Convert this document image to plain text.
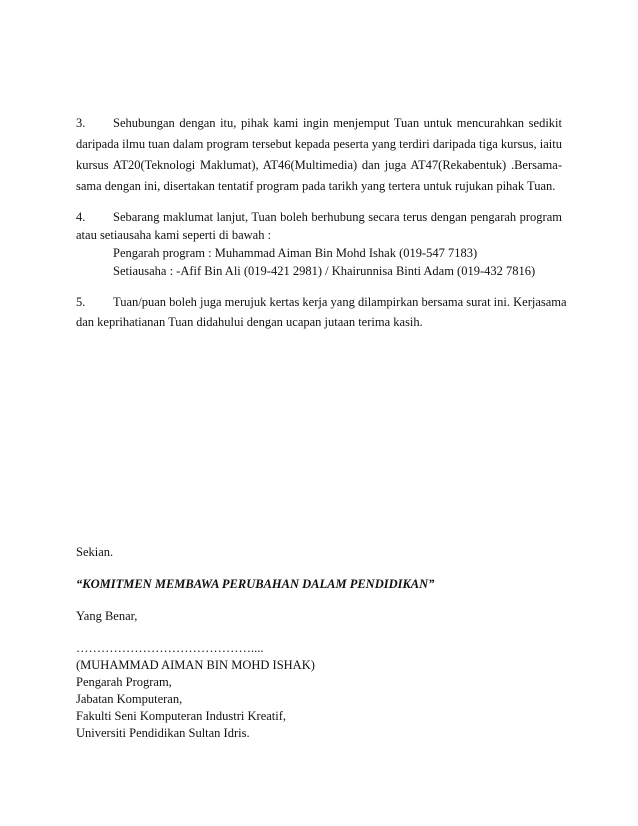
3. Sehubungan dengan itu, pihak kami ingin menjemput Tuan untuk mencurahkan sedikit
daripada ilmu tuan dalam program tersebut kepada peserta yang terdiri daripada tiga kursus, iaitu
kursus AT20(Teknologi Maklumat), AT46(Multimedia) dan juga AT47(Rekabentuk) .Bersama-
sama dengan ini, disertakan tentatif program pada tarikh yang tertera untuk rujukan pihak Tuan.
4. Sebarang maklumat lanjut, Tuan boleh berhubung secara terus dengan pengarah program
atau setiausaha kami seperti di bawah :
Pengarah program : Muhammad Aiman Bin Mohd Ishak (019-547 7183)
Setiausaha : -Afif Bin Ali (019-421 2981) / Khairunnisa Binti Adam (019-432 7816)
5. Tuan/puan boleh juga merujuk kertas kerja yang dilampirkan bersama surat ini. Kerjasama
dan keprihatianan Tuan didahului dengan ucapan jutaan terima kasih.
Sekian.
“KOMITMEN MEMBAWA PERUBAHAN DALAM PENDIDIKAN”
Yang Benar,
……………………………………....
(MUHAMMAD AIMAN BIN MOHD ISHAK)
Pengarah Program,
Jabatan Komputeran,
Fakulti Seni Komputeran Industri Kreatif,
Universiti Pendidikan Sultan Idris.
